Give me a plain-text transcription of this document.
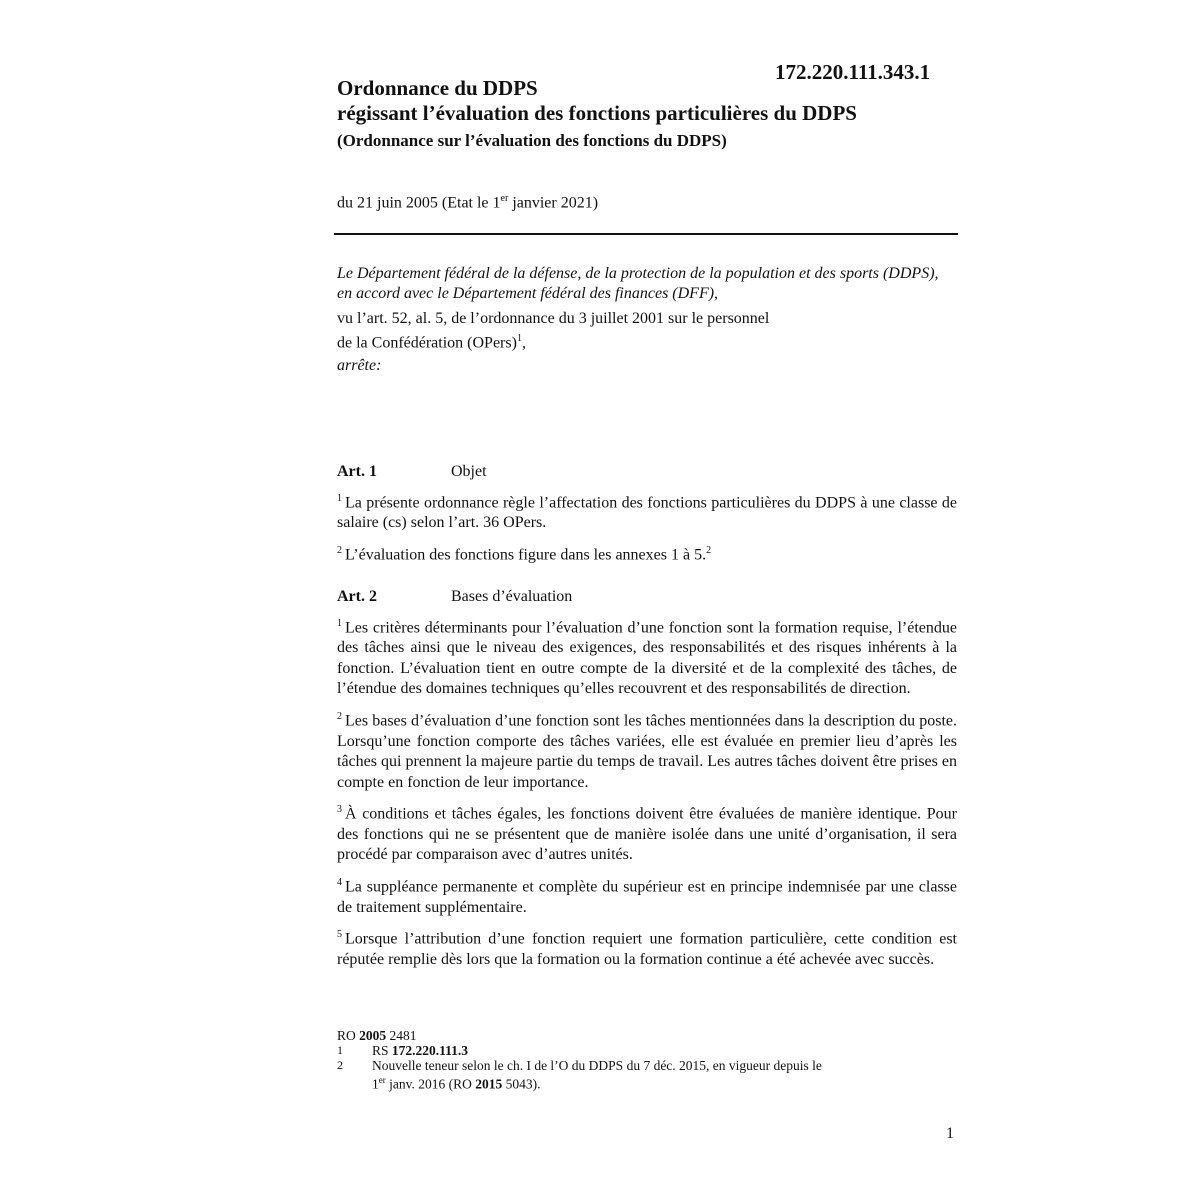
172.220.111.343.1
Ordonnance du DDPS
régissant l’évaluation des fonctions particulières du DDPS
(Ordonnance sur l’évaluation des fonctions du DDPS)
du 21 juin 2005 (Etat le 1er janvier 2021)
Le Département fédéral de la défense, de la protection de la population et des sports (DDPS),
en accord avec le Département fédéral des finances (DFF),
vu l’art. 52, al. 5, de l’ordonnance du 3 juillet 2001 sur le personnel
de la Confédération (OPers)$^1$,
arrête:
Art. 1	Objet

$^1$ La présente ordonnance règle l’affectation des fonctions particulières du DDPS à une classe de salaire (cs) selon l’art. 36 OPers.

$^2$ L’évaluation des fonctions figure dans les annexes 1 à 5.$^2$

Art. 2	Bases d’évaluation

$^1$ Les critères déterminants pour l’évaluation d’une fonction sont la formation requise, l’étendue des tâches ainsi que le niveau des exigences, des responsabilités et des risques inhérents à la fonction. L’évaluation tient en outre compte de la diversité et de la complexité des tâches, de l’étendue des domaines techniques qu’elles recouvrent et des responsabilités de direction.

$^2$ Les bases d’évaluation d’une fonction sont les tâches mentionnées dans la description du poste. Lorsqu’une fonction comporte des tâches variées, elle est évaluée en premier lieu d’après les tâches qui prennent la majeure partie du temps de travail. Les autres tâches doivent être prises en compte en fonction de leur importance.

$^3$ À conditions et tâches égales, les fonctions doivent être évaluées de manière identique. Pour des fonctions qui ne se présentent que de manière isolée dans une unité d’organisation, il sera procédé par comparaison avec d’autres unités.

$^4$ La suppléance permanente et complète du supérieur est en principe indemnisée par une classe de traitement supplémentaire.

$^5$ Lorsque l’attribution d’une fonction requiert une formation particulière, cette condition est réputée remplie dès lors que la formation ou la formation continue a été achevée avec succès.

RO 2005 2481
1	RS 172.220.111.3
2	Nouvelle teneur selon le ch. I de l’O du DDPS du 7 déc. 2015, en vigueur depuis le
1er janv. 2016 (RO 2015 5043).
1
